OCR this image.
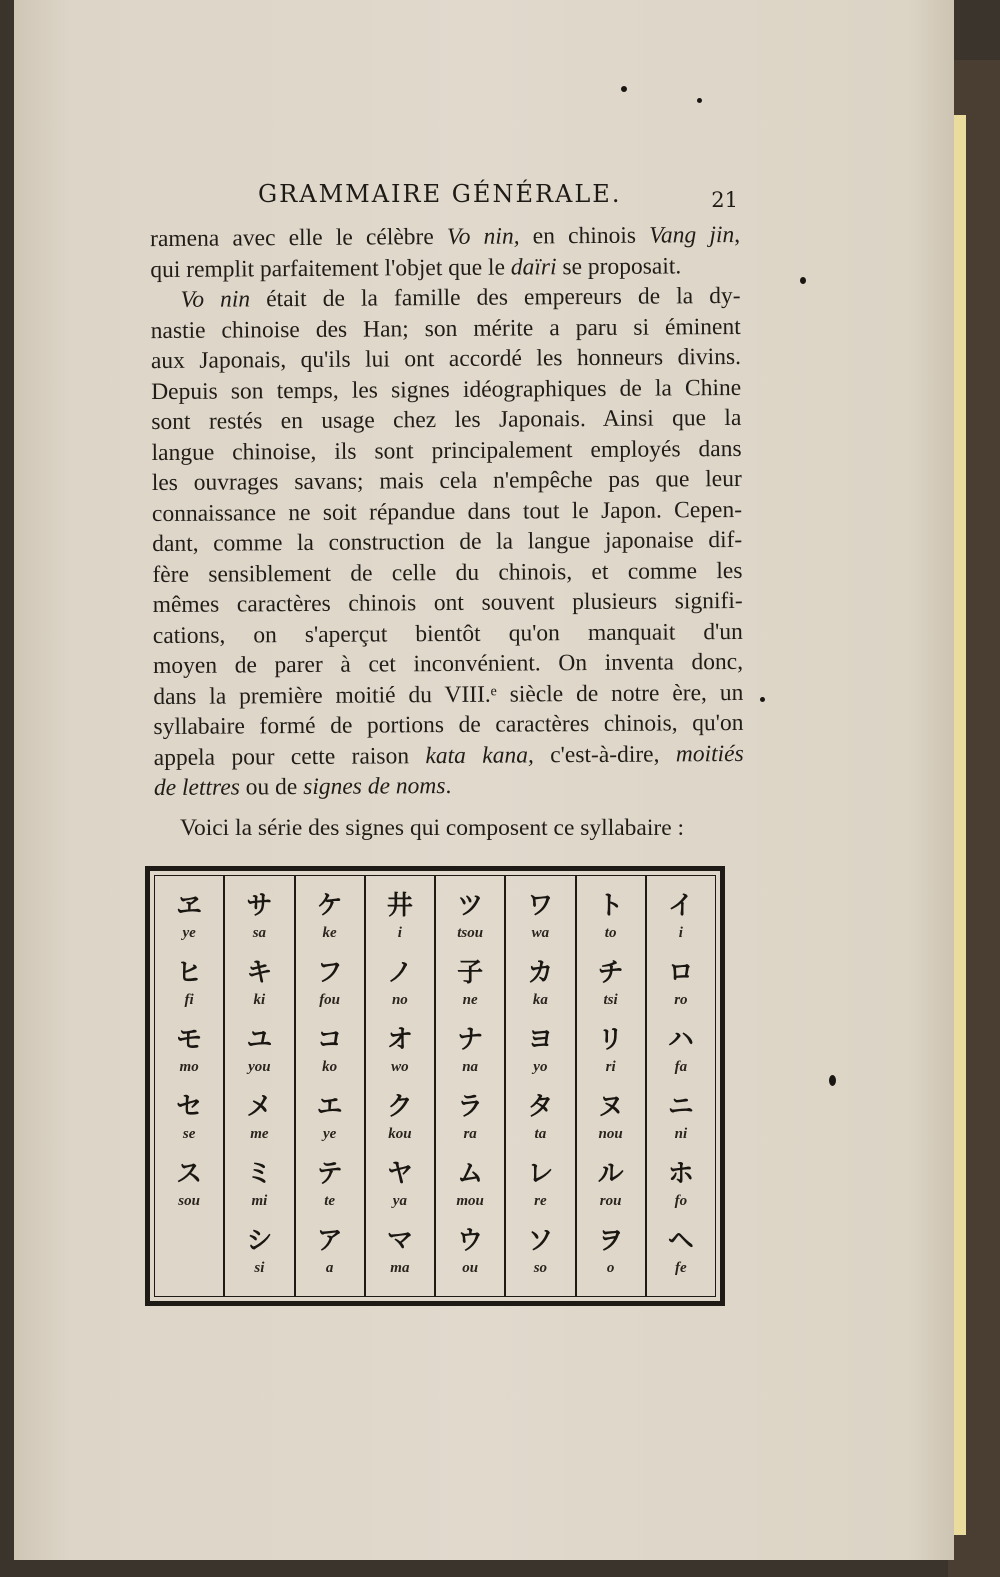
GRAMMAIRE GÉNÉRALE.	21

ramena avec elle le célèbre Vo nin, en chinois Vang jin,
qui remplit parfaitement l'objet que le daïri se proposait.

Vo nin était de la famille des empereurs de la dy-
nastie chinoise des Han; son mérite a paru si éminent
aux Japonais, qu'ils lui ont accordé les honneurs divins.
Depuis son temps, les signes idéographiques de la Chine
sont restés en usage chez les Japonais. Ainsi que la
langue chinoise, ils sont principalement employés dans
les ouvrages savans; mais cela n'empêche pas que leur
connaissance ne soit répandue dans tout le Japon. Cepen-
dant, comme la construction de la langue japonaise dif-
fère sensiblement de celle du chinois, et comme les
mêmes caractères chinois ont souvent plusieurs signifi-
cations, on s'aperçut bientôt qu'on manquait d'un
moyen de parer à cet inconvénient. On inventa donc,
dans la première moitié du VIII.ᵉ siècle de notre ère, un
syllabaire formé de portions de caractères chinois, qu'on
appela pour cette raison kata kana, c'est-à-dire, moitiés
de lettres ou de signes de noms.

Voici la série des signes qui composent ce syllabaire :
ヱ
ye
ヒ
fi
モ
mo
セ
se
ス
sou
サ
sa
キ
ki
ユ
you
メ
me
ミ
mi
シ
si
ケ
ke
フ
fou
コ
ko
エ
ye
テ
te
ア
a
井
i
ノ
no
オ
wo
ク
kou
ヤ
ya
マ
ma
ツ
tsou
子
ne
ナ
na
ラ
ra
ム
mou
ウ
ou
ワ
wa
カ
ka
ヨ
yo
タ
ta
レ
re
ソ
so
ト
to
チ
tsi
リ
ri
ヌ
nou
ル
rou
ヲ
o
イ
i
ロ
ro
ハ
fa
ニ
ni
ホ
fo
ヘ
fe
